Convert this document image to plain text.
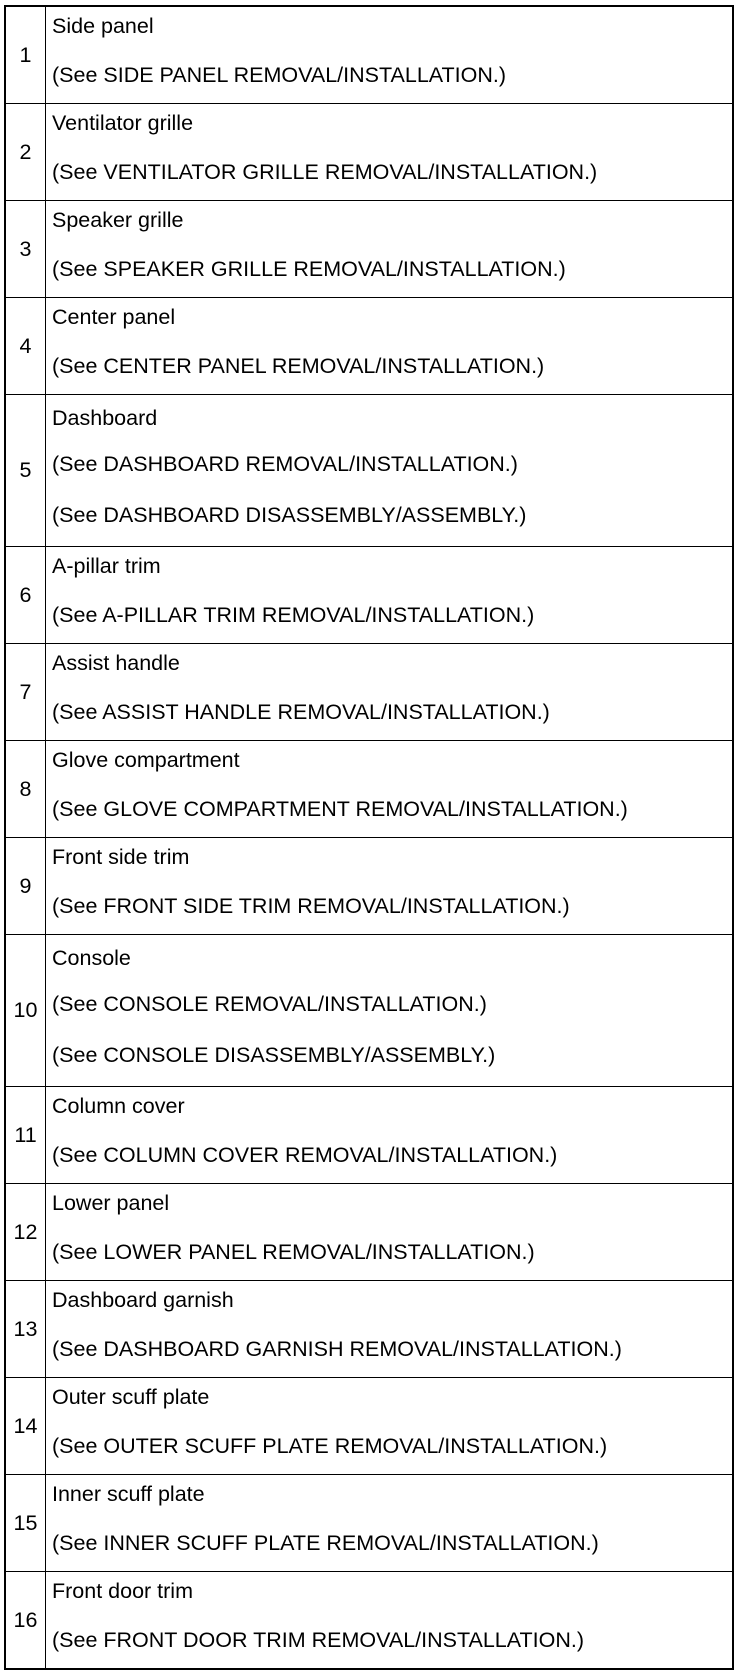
1	Side panel
(See SIDE PANEL REMOVAL/INSTALLATION.)

2	Ventilator grille
(See VENTILATOR GRILLE REMOVAL/INSTALLATION.)

3	Speaker grille
(See SPEAKER GRILLE REMOVAL/INSTALLATION.)

4	Center panel
(See CENTER PANEL REMOVAL/INSTALLATION.)

5	Dashboard
(See DASHBOARD REMOVAL/INSTALLATION.)
(See DASHBOARD DISASSEMBLY/ASSEMBLY.)

6	A-pillar trim
(See A-PILLAR TRIM REMOVAL/INSTALLATION.)

7	Assist handle
(See ASSIST HANDLE REMOVAL/INSTALLATION.)

8	Glove compartment
(See GLOVE COMPARTMENT REMOVAL/INSTALLATION.)

9	Front side trim
(See FRONT SIDE TRIM REMOVAL/INSTALLATION.)

10	Console
(See CONSOLE REMOVAL/INSTALLATION.)
(See CONSOLE DISASSEMBLY/ASSEMBLY.)

11	Column cover
(See COLUMN COVER REMOVAL/INSTALLATION.)

12	Lower panel
(See LOWER PANEL REMOVAL/INSTALLATION.)

13	Dashboard garnish
(See DASHBOARD GARNISH REMOVAL/INSTALLATION.)

14	Outer scuff plate
(See OUTER SCUFF PLATE REMOVAL/INSTALLATION.)

15	Inner scuff plate
(See INNER SCUFF PLATE REMOVAL/INSTALLATION.)

16	Front door trim
(See FRONT DOOR TRIM REMOVAL/INSTALLATION.)
